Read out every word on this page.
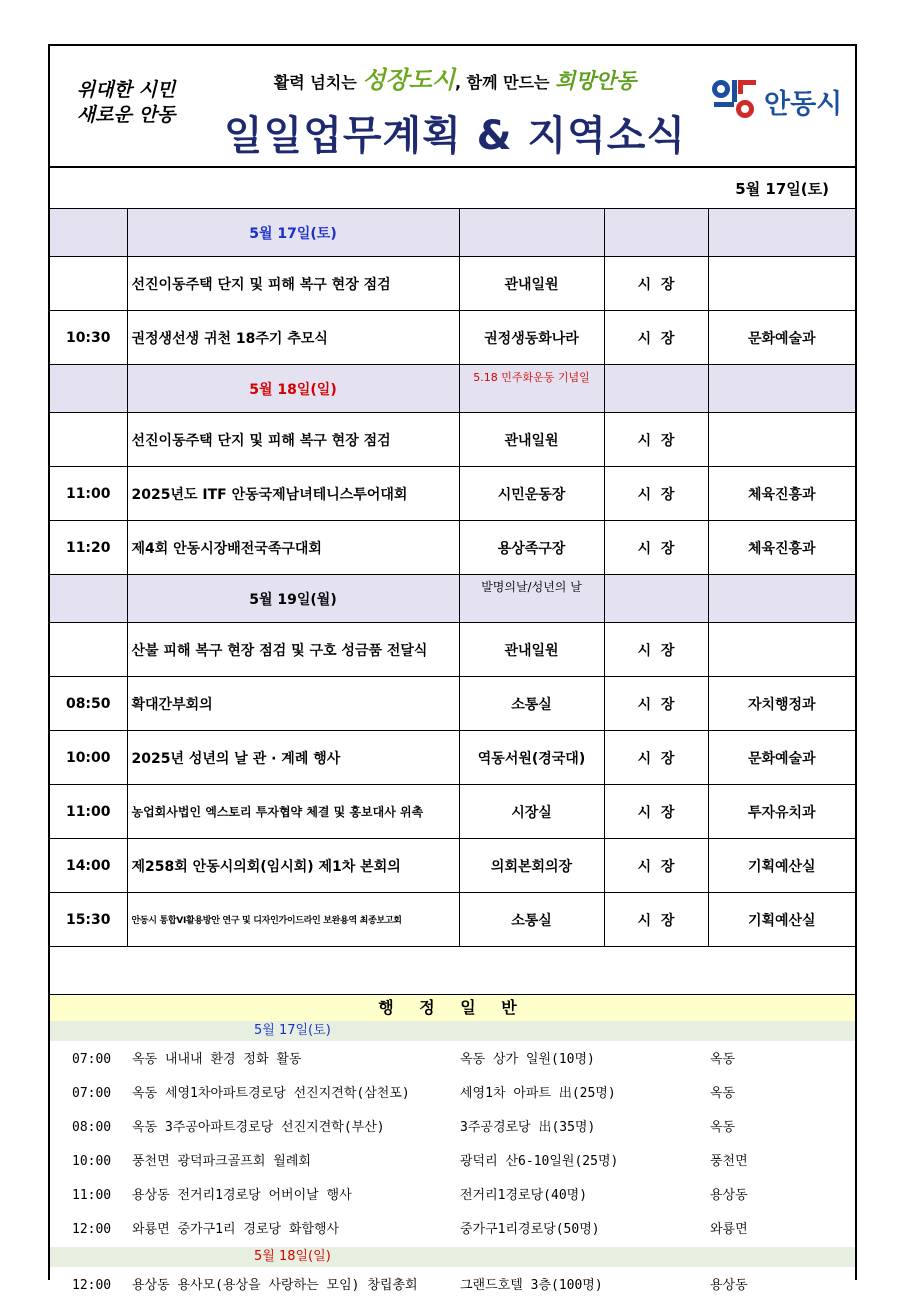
위대한 시민
새로운 안동
활력 넘치는 성장도시, 함께 만드는 희망안동
일일업무계획 & 지역소식
안동시
5월 17일(토)
	5월 17일(토)			
	선진이동주택 단지 및 피해 복구 현장 점검	관내일원	시  장	
10:30	권정생선생 귀천 18주기 추모식	권정생동화나라	시  장	문화예술과
	5월 18일(일)	$^{5.18 민주화운동 기념일}$		
	선진이동주택 단지 및 피해 복구 현장 점검	관내일원	시  장	
11:00	2025년도 ITF 안동국제남녀테니스투어대회	시민운동장	시  장	체육진흥과
11:20	제4회 안동시장배전국족구대회	용상족구장	시  장	체육진흥과
	5월 19일(월)	발명의날/성년의 날		
	산불 피해 복구 현장 점검 및 구호 성금품 전달식	관내일원	시  장	
08:50	확대간부회의	소통실	시  장	자치행정과
10:00	2025년 성년의 날 관 · 계례 행사	역동서원(경국대)	시  장	문화예술과
11:00	농업회사법인 엑스토리 투자협약 체결 및 홍보대사 위촉	시장실	시  장	투자유치과
14:00	제258회 안동시의회(임시회) 제1차 본회의	의회본회의장	시  장	기획예산실
15:30	안동시 통합VI활용방안 연구 및 디자인가이드라인 보완용역 최종보고회	소통실	시  장	기획예산실
행 정 일 반
5월 17일(토)
07:00 옥동 내내내 환경 정화 활동	옥동 상가 일원(10명)	옥동
07:00 옥동 세영1차아파트경로당 선진지견학(삼천포)	세영1차 아파트 出(25명)	옥동
08:00 옥동 3주공아파트경로당 선진지견학(부산)	3주공경로당 出(35명)	옥동
10:00 풍천면 광덕파크골프회 월례회	광덕리 산6-10일원(25명)	풍천면
11:00 용상동 전거리1경로당 어버이날 행사	전거리1경로당(40명)	용상동
12:00 와룡면 중가구1리 경로당 화합행사	중가구1리경로당(50명)	와룡면
5월 18일(일)
12:00 용상동 용사모(용상을 사랑하는 모임) 창립총회	그랜드호텔 3층(100명)	용상동
